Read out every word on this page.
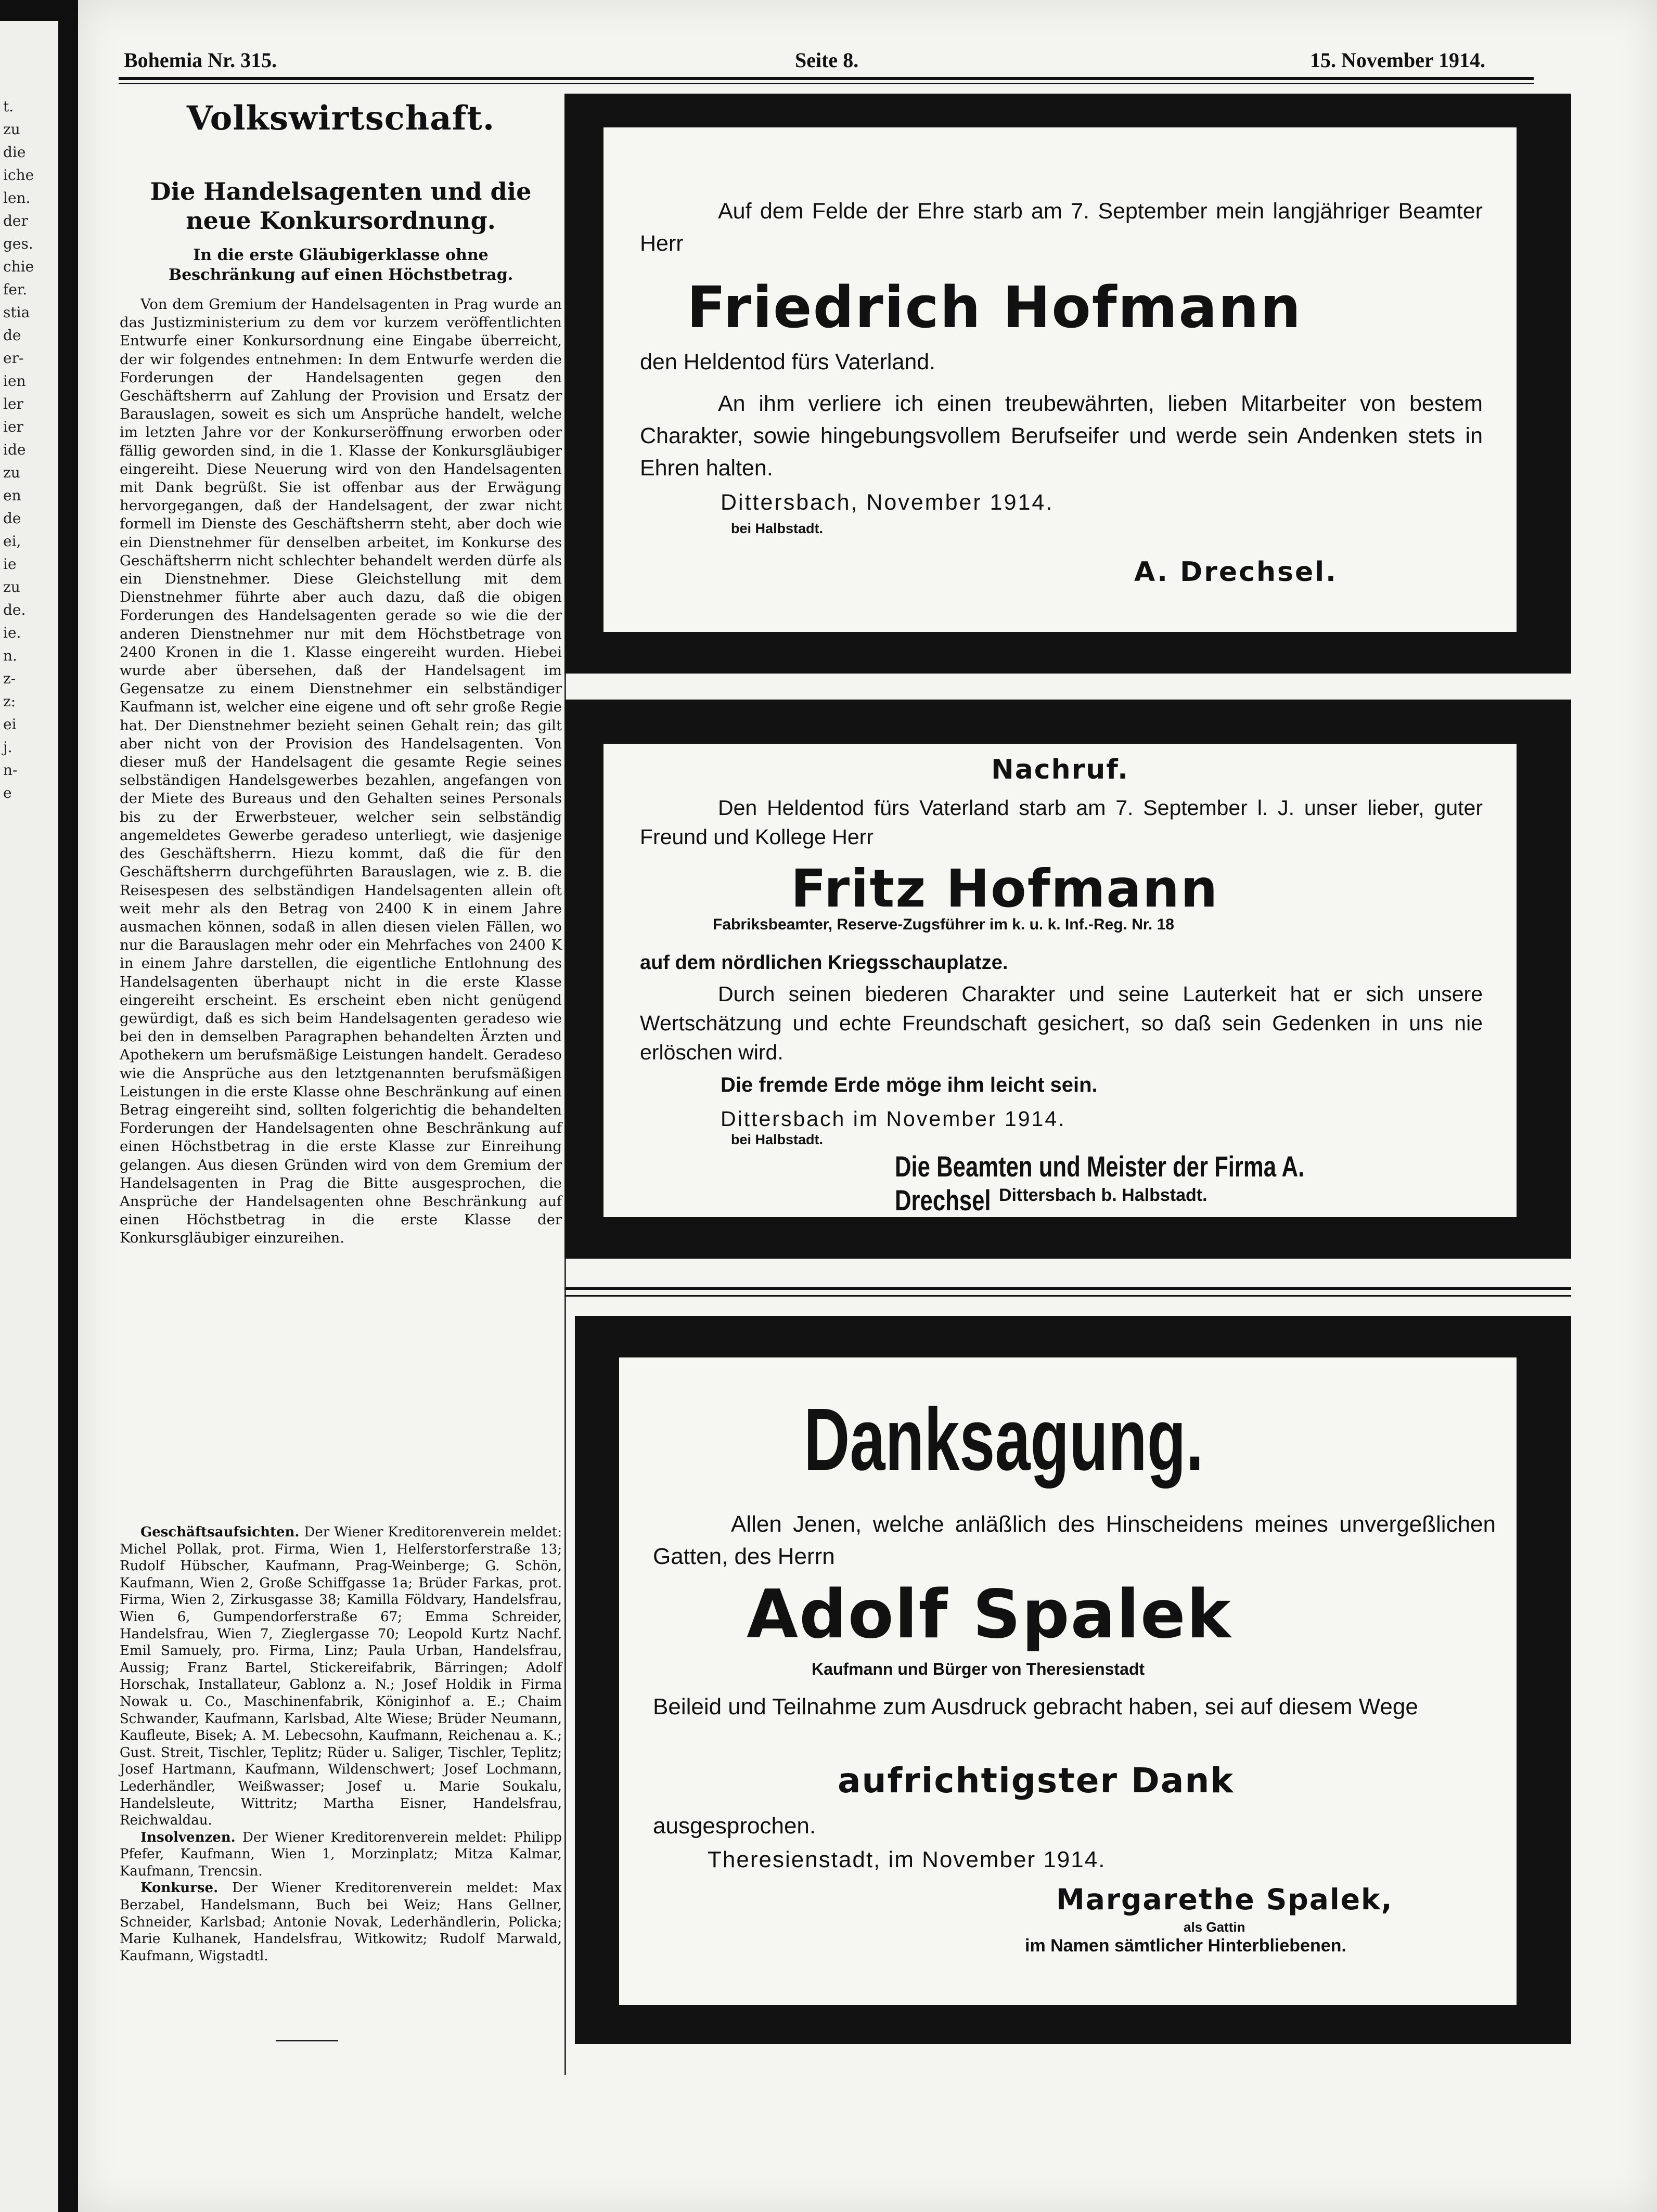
t.
zu
die
iche
len.
der
ges.
chie
fer.
stia
de
er-
ien
ler
ier
ide
zu
en
de
ei,
ie
zu
de.
ie.
n.
z-
z:
ei
j.
n-
e
Bohemia Nr. 315.	Seite 8.	15. November 1914.
Volkswirtschaft.
Die Handelsagenten und die neue Konkursordnung.
In die erste Gläubigerklasse ohne Beschränkung auf einen Höchstbetrag.

Von dem Gremium der Handelsagenten in Prag wurde an das Justizministerium zu dem vor kurzem veröffentlichten Entwurfe einer Konkursordnung eine Eingabe überreicht, der wir folgendes entnehmen: In dem Entwurfe werden die Forderungen der Handelsagenten gegen den Geschäftsherrn auf Zahlung der Provision und Ersatz der Barauslagen, soweit es sich um Ansprüche handelt, welche im letzten Jahre vor der Konkurseröffnung erworben oder fällig geworden sind, in die 1. Klasse der Konkursgläubiger eingereiht. Diese Neuerung wird von den Handelsagenten mit Dank begrüßt. Sie ist offenbar aus der Erwägung hervorgegangen, daß der Handelsagent, der zwar nicht formell im Dienste des Geschäftsherrn steht, aber doch wie ein Dienstnehmer für denselben arbeitet, im Konkurse des Geschäftsherrn nicht schlechter behandelt werden dürfe als ein Dienstnehmer. Diese Gleichstellung mit dem Dienstnehmer führte aber auch dazu, daß die obigen Forderungen des Handelsagenten gerade so wie die der anderen Dienstnehmer nur mit dem Höchstbetrage von 2400 Kronen in die 1. Klasse eingereiht wurden. Hiebei wurde aber übersehen, daß der Handelsagent im Gegensatze zu einem Dienstnehmer ein selbständiger Kaufmann ist, welcher eine eigene und oft sehr große Regie hat. Der Dienstnehmer bezieht seinen Gehalt rein; das gilt aber nicht von der Provision des Handelsagenten. Von dieser muß der Handelsagent die gesamte Regie seines selbständigen Handelsgewerbes bezahlen, angefangen von der Miete des Bureaus und den Gehalten seines Personals bis zu der Erwerbsteuer, welcher sein selbständig angemeldetes Gewerbe geradeso unterliegt, wie dasjenige des Geschäftsherrn. Hiezu kommt, daß die für den Geschäftsherrn durchgeführten Barauslagen, wie z. B. die Reisespesen des selbständigen Handelsagenten allein oft weit mehr als den Betrag von 2400 K in einem Jahre ausmachen können, sodaß in allen diesen vielen Fällen, wo nur die Barauslagen mehr oder ein Mehrfaches von 2400 K in einem Jahre darstellen, die eigentliche Entlohnung des Handelsagenten überhaupt nicht in die erste Klasse eingereiht erscheint. Es erscheint eben nicht genügend gewürdigt, daß es sich beim Handelsagenten geradeso wie bei den in demselben Paragraphen behandelten Ärzten und Apothekern um berufsmäßige Leistungen handelt. Geradeso wie die Ansprüche aus den letztgenannten berufsmäßigen Leistungen in die erste Klasse ohne Beschränkung auf einen Betrag eingereiht sind, sollten folgerichtig die behandelten Forderungen der Handelsagenten ohne Beschränkung auf einen Höchstbetrag in die erste Klasse zur Einreihung gelangen. Aus diesen Gründen wird von dem Gremium der Handelsagenten in Prag die Bitte ausgesprochen, die Ansprüche der Handelsagenten ohne Beschränkung auf einen Höchstbetrag in die erste Klasse der Konkursgläubiger einzureihen.

Geschäftsaufsichten. Der Wiener Kreditorenverein meldet: Michel Pollak, prot. Firma, Wien 1, Helferstorferstraße 13; Rudolf Hübscher, Kaufmann, Prag-Weinberge; G. Schön, Kaufmann, Wien 2, Große Schiffgasse 1a; Brüder Farkas, prot. Firma, Wien 2, Zirkusgasse 38; Kamilla Földvary, Handelsfrau, Wien 6, Gumpendorferstraße 67; Emma Schreider, Handelsfrau, Wien 7, Zieglergasse 70; Leopold Kurtz Nachf. Emil Samuely, pro. Firma, Linz; Paula Urban, Handelsfrau, Aussig; Franz Bartel, Stickereifabrik, Bärringen; Adolf Horschak, Installateur, Gablonz a. N.; Josef Holdik in Firma Nowak u. Co., Maschinenfabrik, Königinhof a. E.; Chaim Schwander, Kaufmann, Karlsbad, Alte Wiese; Brüder Neumann, Kaufleute, Bisek; A. M. Lebecsohn, Kaufmann, Reichenau a. K.; Gust. Streit, Tischler, Teplitz; Rüder u. Saliger, Tischler, Teplitz; Josef Hartmann, Kaufmann, Wildenschwert; Josef Lochmann, Lederhändler, Weißwasser; Josef u. Marie Soukalu, Handelsleute, Wittritz; Martha Eisner, Handelsfrau, Reichwaldau.

Insolvenzen. Der Wiener Kreditorenverein meldet: Philipp Pfefer, Kaufmann, Wien 1, Morzinplatz; Mitza Kalmar, Kaufmann, Trencsin.

Konkurse. Der Wiener Kreditorenverein meldet: Max Berzabel, Handelsmann, Buch bei Weiz; Hans Gellner, Schneider, Karlsbad; Antonie Novak, Lederhändlerin, Policka; Marie Kulhanek, Handelsfrau, Witkowitz; Rudolf Marwald, Kaufmann, Wigstadtl.

Auf dem Felde der Ehre starb am 7. September mein langjähriger Beamter Herr
Friedrich Hofmann
den Heldentod fürs Vaterland.
An ihm verliere ich einen treubewährten, lieben Mitarbeiter von bestem Charakter, sowie hingebungsvollem Berufseifer und werde sein Andenken stets in Ehren halten.
Dittersbach, November 1914.
bei Halbstadt.
A. Drechsel.
Nachruf.
Den Heldentod fürs Vaterland starb am 7. September l. J. unser lieber, guter Freund und Kollege Herr
Fritz Hofmann
Fabriksbeamter, Reserve-Zugsführer im k. u. k. Inf.-Reg. Nr. 18
auf dem nördlichen Kriegsschauplatze.
Durch seinen biederen Charakter und seine Lauterkeit hat er sich unsere Wertschätzung und echte Freundschaft gesichert, so daß sein Gedenken in uns nie erlöschen wird.
Die fremde Erde möge ihm leicht sein.
Dittersbach im November 1914.
bei Halbstadt.
Die Beamten und Meister der Firma A. Drechsel Dittersbach b. Halbstadt.
Danksagung.
Allen Jenen, welche anläßlich des Hinscheidens meines unvergeßlichen Gatten, des Herrn
Adolf Spalek
Kaufmann und Bürger von Theresienstadt
Beileid und Teilnahme zum Ausdruck gebracht haben, sei auf diesem Wege
aufrichtigster Dank
ausgesprochen.
Theresienstadt, im November 1914.
Margarethe Spalek,
als Gattin
im Namen sämtlicher Hinterbliebenen.
